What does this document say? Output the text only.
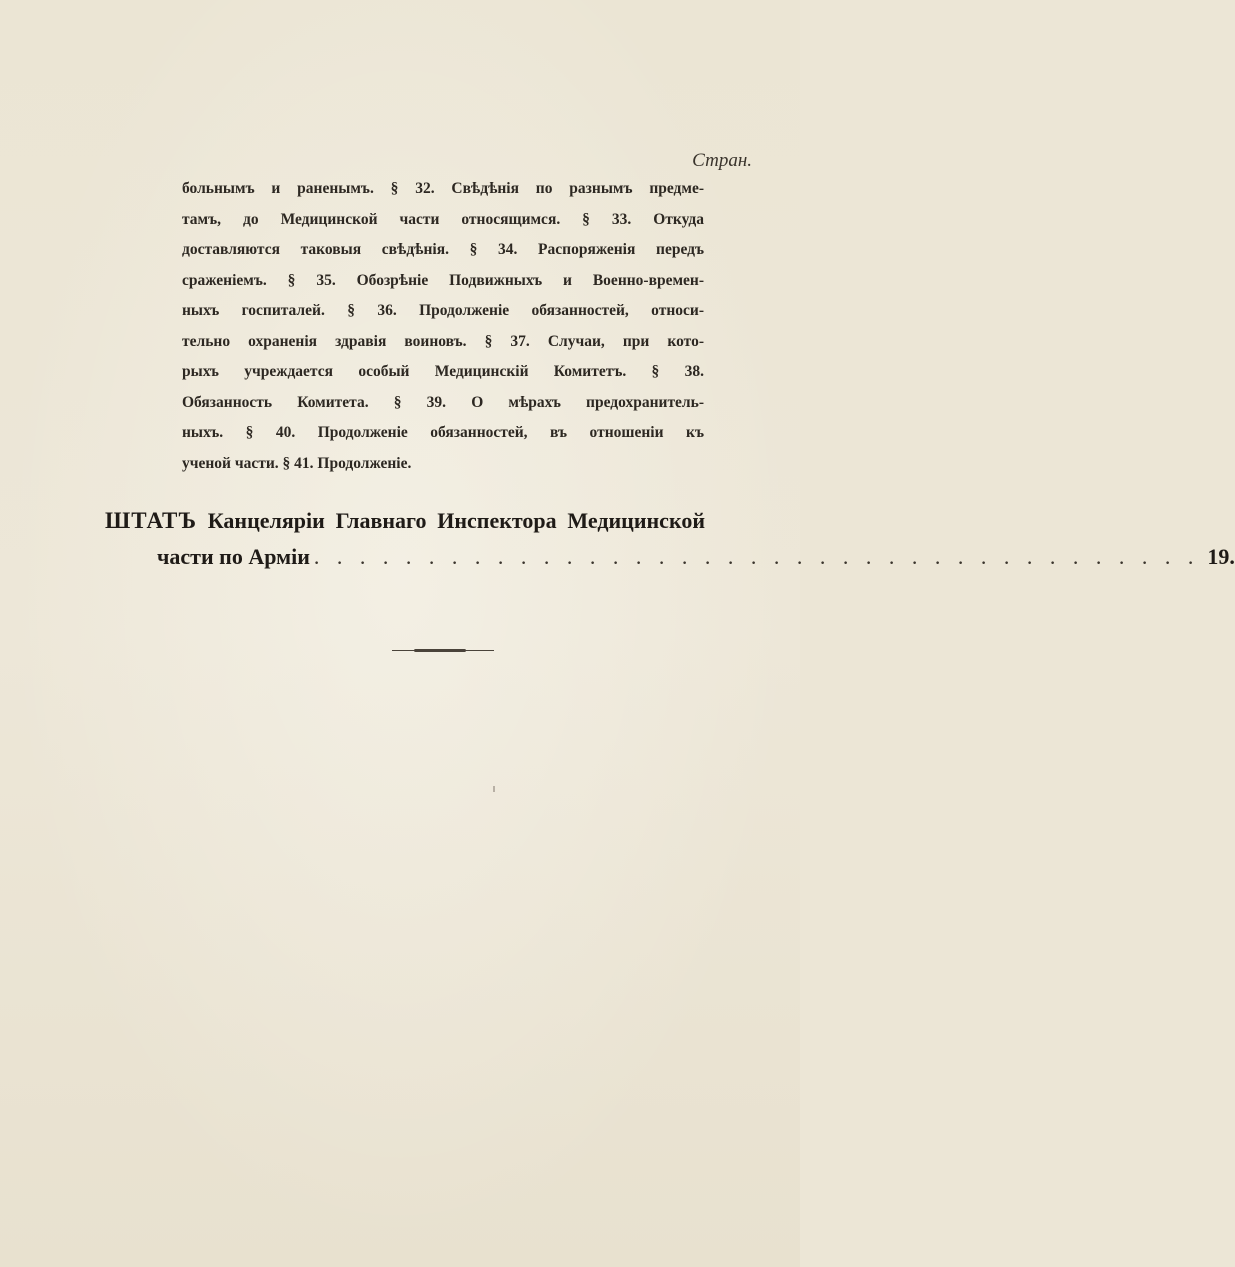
Стран.
больнымъ и раненымъ. § 32. Свѣдѣнія по разнымъ предме-
тамъ, до Медицинской части относящимся. § 33. Откуда
доставляются таковыя свѣдѣнія. § 34. Распоряженія передъ
сраженіемъ. § 35. Обозрѣніе Подвижныхъ и Военно-времен-
ныхъ госпиталей. § 36. Продолженіе обязанностей, относи-
тельно охраненія здравія воиновъ. § 37. Случаи, при кото-
рыхъ учреждается особый Медицинскій Комитетъ. § 38.
Обязанность Комитета. § 39. О мѣрахъ предохранитель-
ныхъ. § 40. Продолженіе обязанностей, въ отношеніи къ
ученой части. § 41. Продолженіе.
ШТАТЪ Канцеляріи Главнаго Инспектора Медицинской
части по Арміи . . . . . . . . . . . . . . . . . . . . . . . . . . . . . . . . . . . . . . . 19.
